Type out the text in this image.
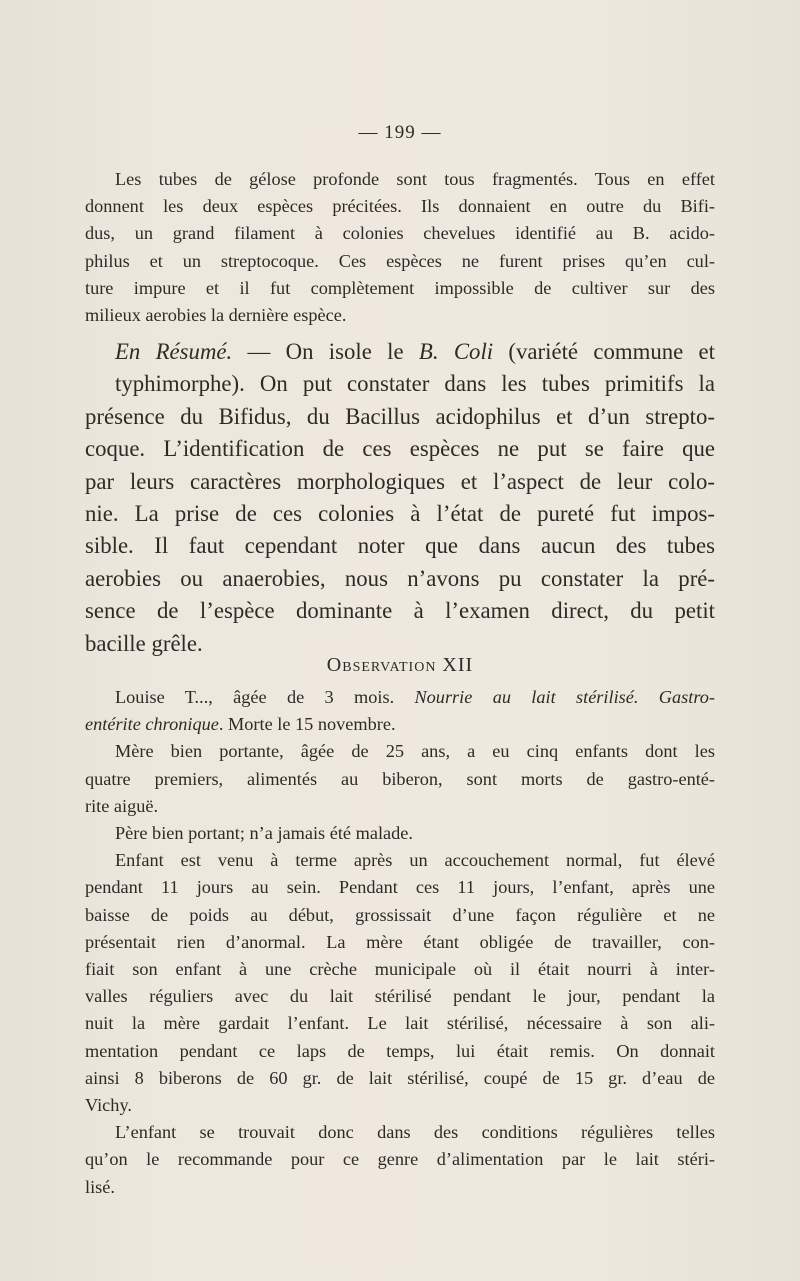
— 199 —
Les tubes de gélose profonde sont tous fragmentés. Tous en effet
donnent les deux espèces précitées. Ils donnaient en outre du Bifi-
dus, un grand filament à colonies chevelues identifié au B. acido-
philus et un streptocoque. Ces espèces ne furent prises qu’en cul-
ture impure et il fut complètement impossible de cultiver sur des
milieux aerobies la dernière espèce.
En Résumé. — On isole le B. Coli (variété commune et
typhimorphe). On put constater dans les tubes primitifs la
présence du Bifidus, du Bacillus acidophilus et d’un strepto-
coque. L’identification de ces espèces ne put se faire que
par leurs caractères morphologiques et l’aspect de leur colo-
nie. La prise de ces colonies à l’état de pureté fut impos-
sible. Il faut cependant noter que dans aucun des tubes
aerobies ou anaerobies, nous n’avons pu constater la pré-
sence de l’espèce dominante à l’examen direct, du petit
bacille grêle.
Observation XII
Louise T..., âgée de 3 mois. Nourrie au lait stérilisé. Gastro-
entérite chronique. Morte le 15 novembre.
Mère bien portante, âgée de 25 ans, a eu cinq enfants dont les
quatre premiers, alimentés au biberon, sont morts de gastro-enté-
rite aiguë.
Père bien portant; n’a jamais été malade.
Enfant est venu à terme après un accouchement normal, fut élevé
pendant 11 jours au sein. Pendant ces 11 jours, l’enfant, après une
baisse de poids au début, grossissait d’une façon régulière et ne
présentait rien d’anormal. La mère étant obligée de travailler, con-
fiait son enfant à une crèche municipale où il était nourri à inter-
valles réguliers avec du lait stérilisé pendant le jour, pendant la
nuit la mère gardait l’enfant. Le lait stérilisé, nécessaire à son ali-
mentation pendant ce laps de temps, lui était remis. On donnait
ainsi 8 biberons de 60 gr. de lait stérilisé, coupé de 15 gr. d’eau de
Vichy.
L’enfant se trouvait donc dans des conditions régulières telles
qu’on le recommande pour ce genre d’alimentation par le lait stéri-
lisé.
